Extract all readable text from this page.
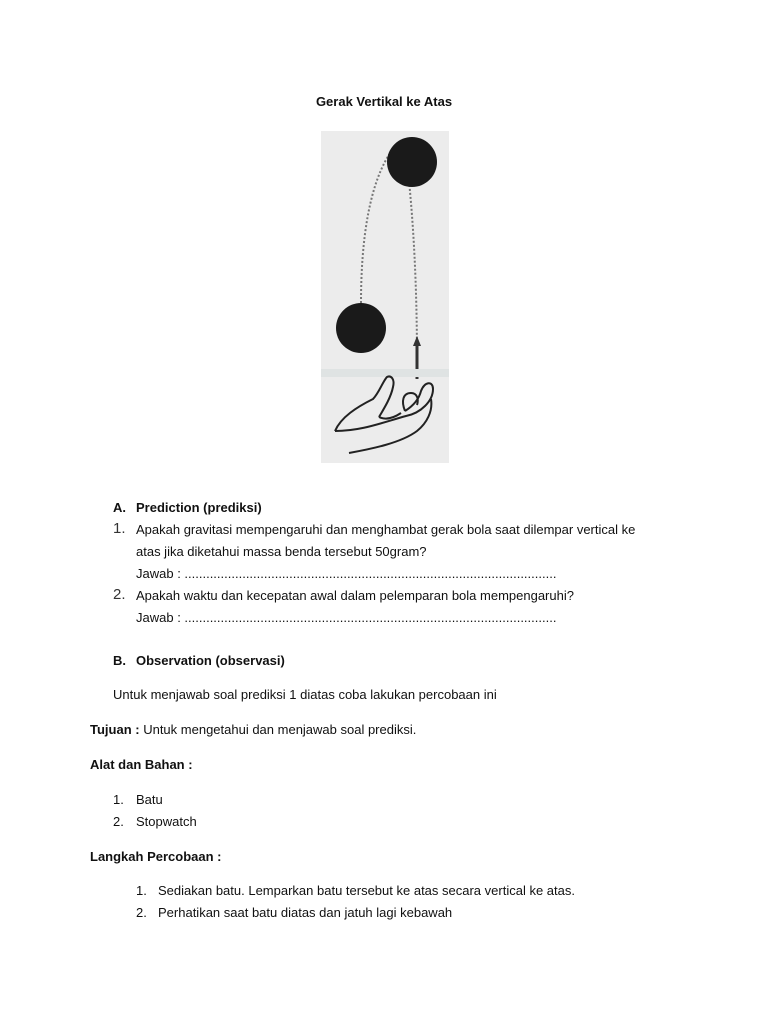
Gerak Vertikal ke Atas
A. Prediction (prediksi)
1. Apakah gravitasi mempengaruhi dan menghambat gerak bola saat dilempar vertical ke
atas jika diketahui massa benda tersebut 50gram?
Jawab : .......................................................................................................
2. Apakah waktu dan kecepatan awal dalam pelemparan bola mempengaruhi?
Jawab : .......................................................................................................
B. Observation (observasi)
Untuk menjawab soal prediksi 1 diatas coba lakukan percobaan ini
Tujuan : Untuk mengetahui dan menjawab soal prediksi.
Alat dan Bahan :
1. Batu
2. Stopwatch
Langkah Percobaan :
1. Sediakan batu. Lemparkan batu tersebut ke atas secara vertical ke atas.
2. Perhatikan saat batu diatas dan jatuh lagi kebawah
